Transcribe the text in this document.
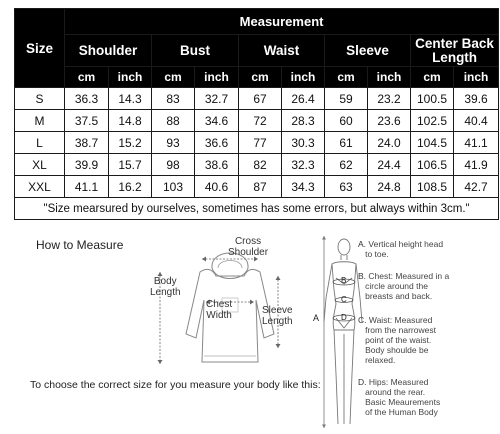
Size	Measurement									
	Shoulder		Bust		Waist		Sleeve		Center Back Length	
	cm	inch	cm	inch	cm	inch	cm	inch	cm	inch
S	36.3	14.3	83	32.7	67	26.4	59	23.2	100.5	39.6
M	37.5	14.8	88	34.6	72	28.3	60	23.6	102.5	40.4
L	38.7	15.2	93	36.6	77	30.3	61	24.0	104.5	41.1
XL	39.9	15.7	98	38.6	82	32.3	62	24.4	106.5	41.9
XXL	41.1	16.2	103	40.6	87	34.3	63	24.8	108.5	42.7
"Size mearsured by ourselves, sometimes has some errors, but always within 3cm."										
How to Measure	Cross
Shoulder
Body
Length
Chest
Width	Sleeve
Length
To choose the correct size for you measure your body like this:
A
B
C
D
A. Vertical height head
to toe.
B. Chest: Measured in a
circle around the
breasts and back.
C. Waist: Measured
from the narrowest
point of the waist.
Body shoulde be
relaxed.
D. Hips: Measured
around the rear.
Basic Meaurements
of the Human Body
